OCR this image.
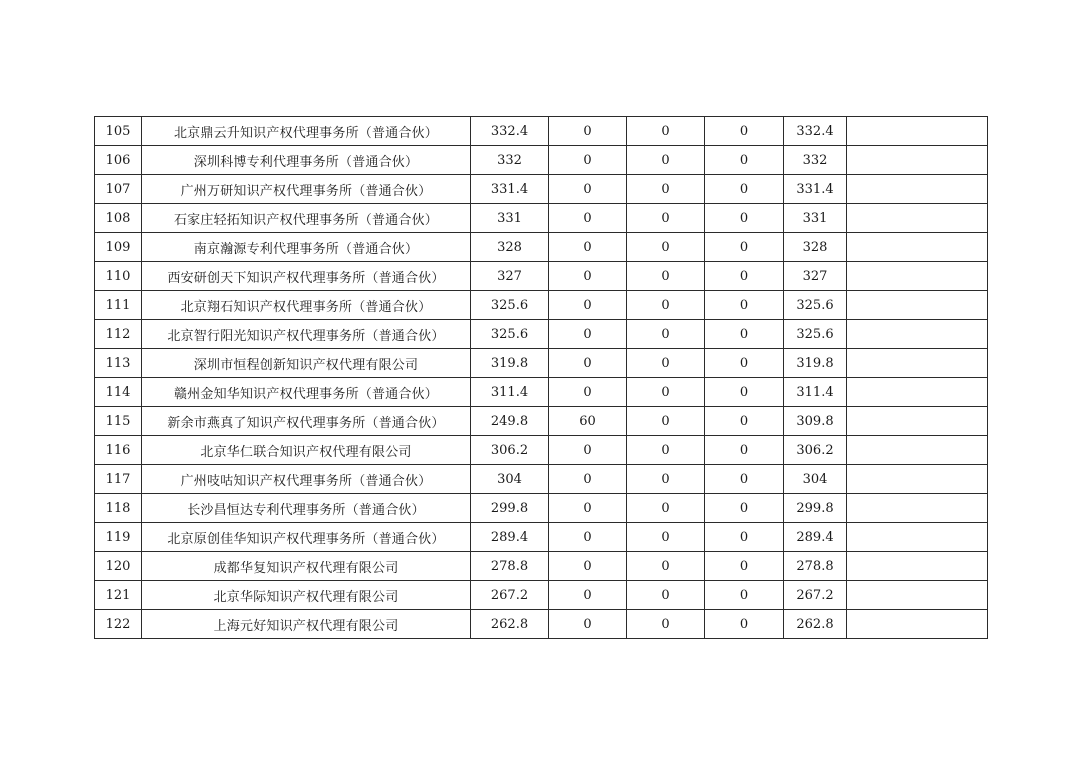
105	北京鼎云升知识产权代理事务所（普通合伙）	332.4	0	0	0	332.4	
106	深圳科博专利代理事务所（普通合伙）	332	0	0	0	332	
107	广州万研知识产权代理事务所（普通合伙）	331.4	0	0	0	331.4	
108	石家庄轻拓知识产权代理事务所（普通合伙）	331	0	0	0	331	
109	南京瀚源专利代理事务所（普通合伙）	328	0	0	0	328	
110	西安研创天下知识产权代理事务所（普通合伙）	327	0	0	0	327	
111	北京翔石知识产权代理事务所（普通合伙）	325.6	0	0	0	325.6	
112	北京智行阳光知识产权代理事务所（普通合伙）	325.6	0	0	0	325.6	
113	深圳市恒程创新知识产权代理有限公司	319.8	0	0	0	319.8	
114	赣州金知华知识产权代理事务所（普通合伙）	311.4	0	0	0	311.4	
115	新余市燕真了知识产权代理事务所（普通合伙）	249.8	60	0	0	309.8	
116	北京华仁联合知识产权代理有限公司	306.2	0	0	0	306.2	
117	广州吱咕知识产权代理事务所（普通合伙）	304	0	0	0	304	
118	长沙昌恒达专利代理事务所（普通合伙）	299.8	0	0	0	299.8	
119	北京原创佳华知识产权代理事务所（普通合伙）	289.4	0	0	0	289.4	
120	成都华复知识产权代理有限公司	278.8	0	0	0	278.8	
121	北京华际知识产权代理有限公司	267.2	0	0	0	267.2	
122	上海元好知识产权代理有限公司	262.8	0	0	0	262.8	
